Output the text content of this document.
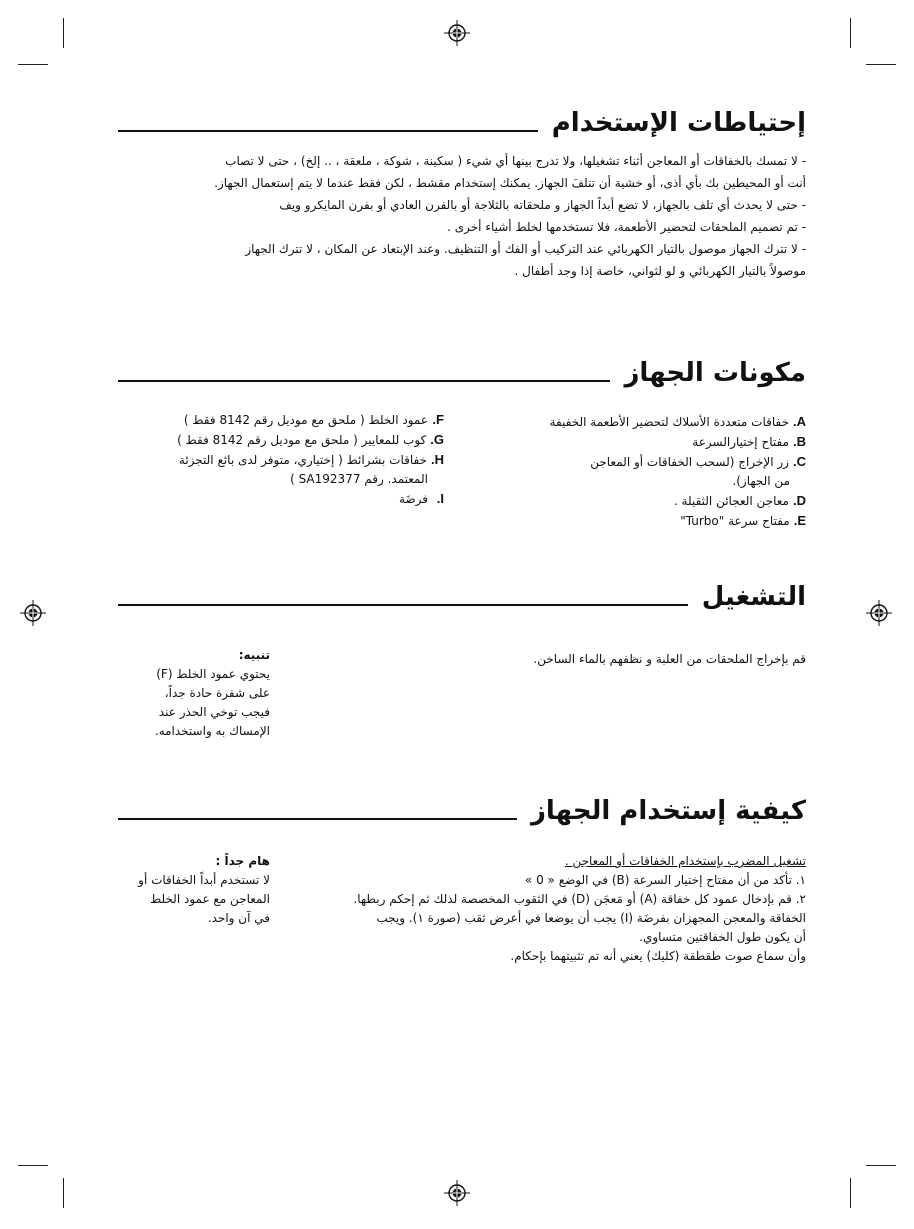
إحتياطات الإستخدام
- لا تمسك بالخفاقات أو المعاجن أثناء تشغيلها، ولا تدرج بينها أي شيء ( سكينة ، شوكة ، ملعقة ، .. إلخ) ، حتى لا تصاب
أنت أو المحيطين بك بأي أذى، أو خشية أن تتلفَ الجهاز. يمكنك إستخدام مقشط ، لكن فقط عندما لا يتم إستعمال الجهاز.
- حتى لا يحدث أي تلف بالجهاز، لا تضع أبداً الجهاز و ملحقاته بالثلاجة أو بالفرن العادي أو بفرن المايكرو ويف
- تم تصميم الملحقات لتحضير الأطعمة، فلا تستخدمها لخلط أشياء أخرى .
- لا تترك الجهاز موصول بالتيار الكهربائي عند التركيب أو الفك أو التنظيف. وعند الإبتعاد عن المكان ، لا تترك الجهاز
موصولاً بالتيار الكهربائي و لو لثواني، خاصة إذا وجد أطفال .
مكونات الجهاز
A.
خفاقات متعددة الأسلاك لتحضير الأطعمة الخفيفة
B.
مفتاح إختيارالسرعة
C.
زر الإخراج (لسحب الخفاقات أو المعاجن
من الجهاز).
D.
معاجن العجائن الثقيلة .
E.
مفتاح سرعة "Turbo"
F.
عمود الخلط ( ملحق مع موديل رقم 8142 فقط )
G.
كوب للمعايير ( ملحق مع موديل رقم 8142 فقط )
H.
خفاقات بشرائط ( إختياري، متوفر لدى بائع التجزئة
المعتمد. رقم SA192377 )
I.
فرضَة
التشغيل
قم بإخراج الملحقات من العلبة و نظفهم بالماء الساخن.
تنبيه:
يحتوي عمود الخلط (F)
على شفرة حادة جداً،
فيجب توخي الحذر عند
الإمساك به واستخدامه.
كيفية إستخدام الجهاز
تشغيل المضرب بإستخدام الخفاقات أو المعاجن .
١. تأكد من أن مفتاح إختيار السرعة (B) في الوضع « 0 »
٢. قم بإدخال عمود كل خفاقة (A) أو مَعجَن (D) في الثقوب المخصصة لذلك ثم إحكم ربطها.
الخفاقة والمعجن المجهزان بفرضَة (I) يجب أن يوضعا في أعرض ثقب (صورة ١). ويجب
أن يكون طول الخفاقتين متساوي.
وأن سماع صوت طقطقة (كليك) يعني أنه تم تثبيتهما بإحكام.
هام جداً :
لا تستخدم أبداً الخفاقات أو
المعاجن مع عمود الخلط
في آن واحد.
